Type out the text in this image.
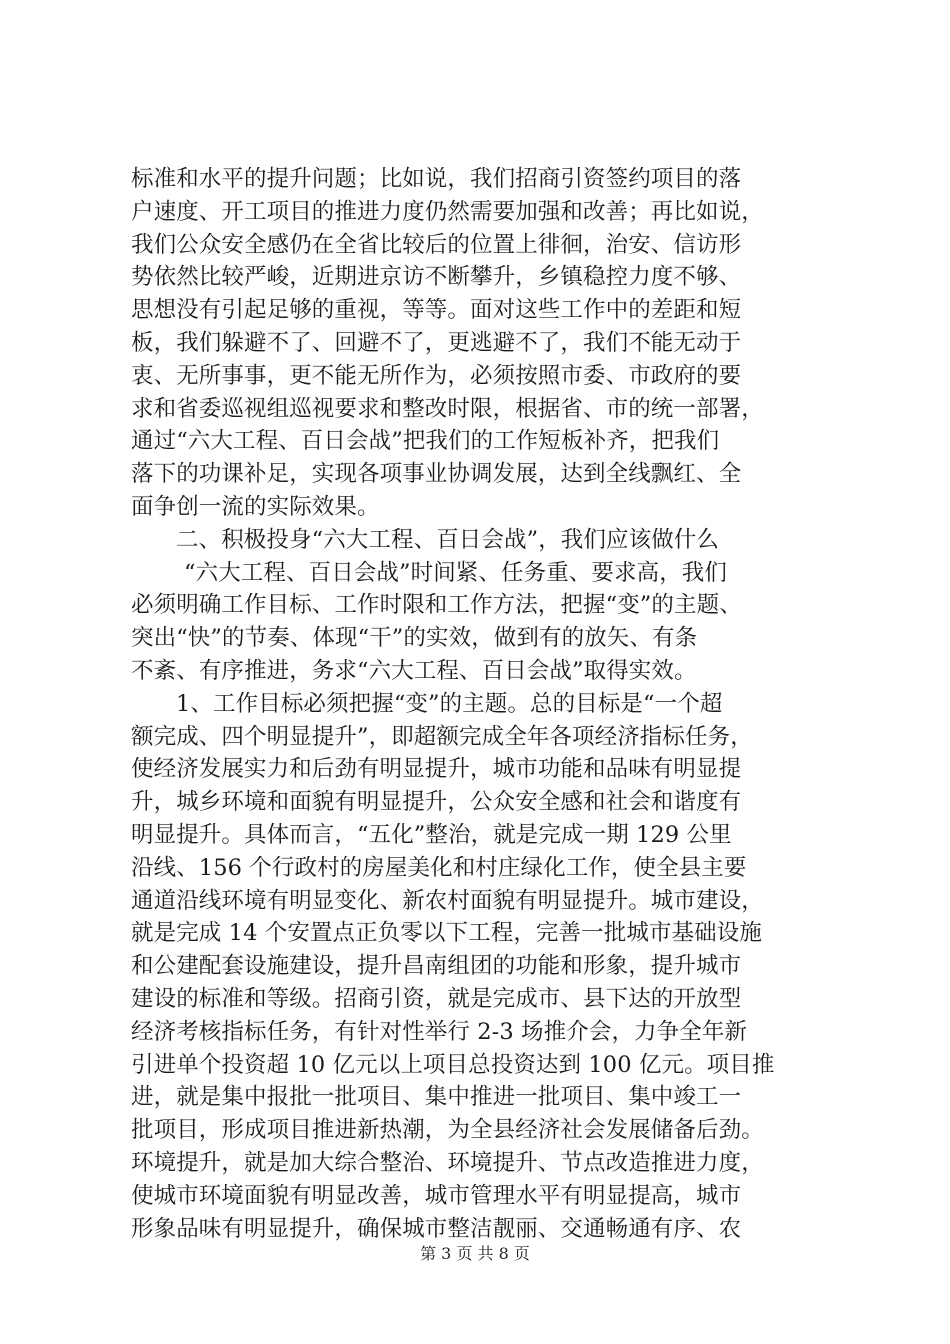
标准和水平的提升问题；比如说，我们招商引资签约项目的落
户速度、开工项目的推进力度仍然需要加强和改善；再比如说，
我们公众安全感仍在全省比较后的位置上徘徊，治安、信访形
势依然比较严峻，近期进京访不断攀升，乡镇稳控力度不够、
思想没有引起足够的重视，等等。面对这些工作中的差距和短
板，我们躲避不了、回避不了，更逃避不了，我们不能无动于
衷、无所事事，更不能无所作为，必须按照市委、市政府的要
求和省委巡视组巡视要求和整改时限，根据省、市的统一部署，
通过“六大工程、百日会战”把我们的工作短板补齐，把我们
落下的功课补足，实现各项事业协调发展，达到全线飘红、全
面争创一流的实际效果。
二、积极投身“六大工程、百日会战”，我们应该做什么
“六大工程、百日会战”时间紧、任务重、要求高，我们
必须明确工作目标、工作时限和工作方法，把握“变”的主题、
突出“快”的节奏、体现“干”的实效，做到有的放矢、有条
不紊、有序推进，务求“六大工程、百日会战”取得实效。
1、工作目标必须把握“变”的主题。总的目标是“一个超
额完成、四个明显提升”，即超额完成全年各项经济指标任务，
使经济发展实力和后劲有明显提升，城市功能和品味有明显提
升，城乡环境和面貌有明显提升，公众安全感和社会和谐度有
明显提升。具体而言，“五化”整治，就是完成一期 129 公里
沿线、156 个行政村的房屋美化和村庄绿化工作，使全县主要
通道沿线环境有明显变化、新农村面貌有明显提升。城市建设，
就是完成 14 个安置点正负零以下工程，完善一批城市基础设施
和公建配套设施建设，提升昌南组团的功能和形象，提升城市
建设的标准和等级。招商引资，就是完成市、县下达的开放型
经济考核指标任务，有针对性举行 2-3 场推介会，力争全年新
引进单个投资超 10 亿元以上项目总投资达到 100 亿元。项目推
进，就是集中报批一批项目、集中推进一批项目、集中竣工一
批项目，形成项目推进新热潮，为全县经济社会发展储备后劲。
环境提升，就是加大综合整治、环境提升、节点改造推进力度，
使城市环境面貌有明显改善，城市管理水平有明显提高，城市
形象品味有明显提升，确保城市整洁靓丽、交通畅通有序、农
第 3 页 共 8 页
